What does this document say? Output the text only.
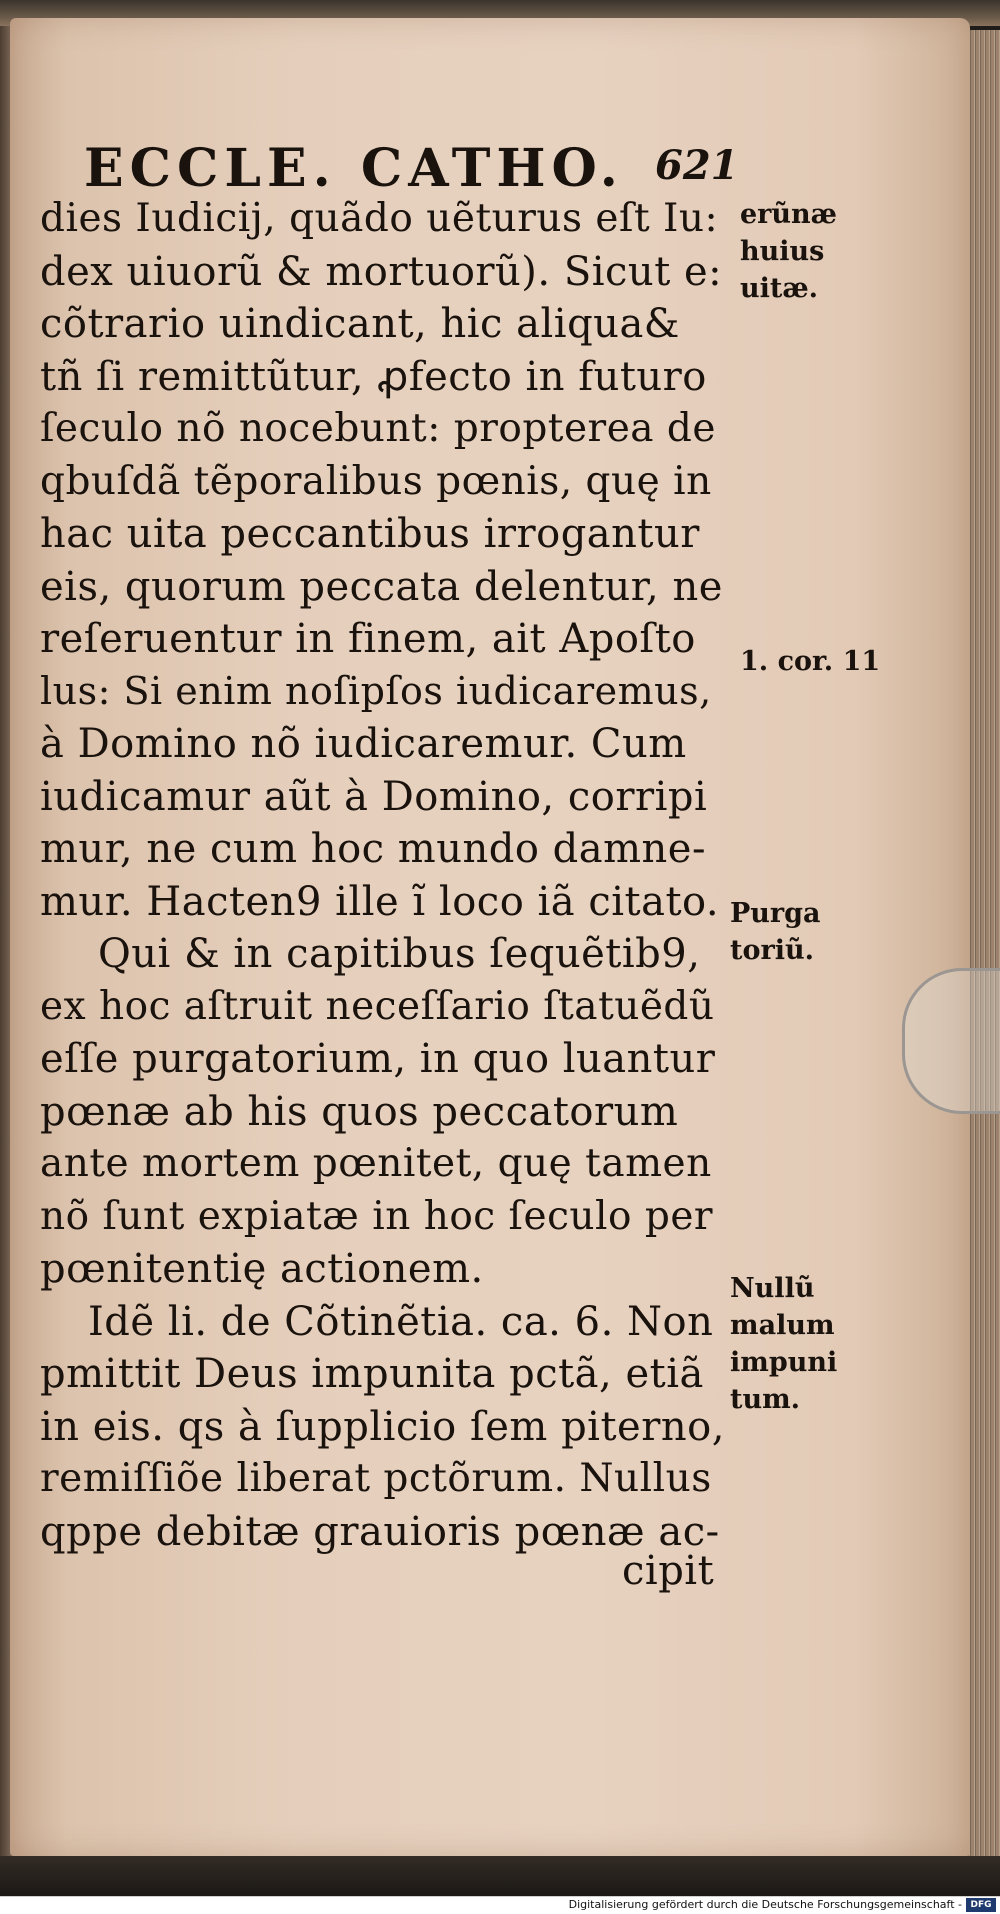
ECCLE. CATHO. 621
dies Iudicij, quãdo uẽturus eſt Iu:
dex uiuorũ & mortuorũ). Sicut e:
cõtrario uindicant, hic aliqua&
tñ ſi remittũtur, ꝓfecto in futuro
ſeculo nõ nocebunt: propterea de
qbuſdã tẽporalibus pœnis, quę in
hac uita peccantibus irrogantur
eis, quorum peccata delentur, ne
reſeruentur in finem, ait Apoſto
lus: Si enim noſipſos iudicaremus,
à Domino nõ iudicaremur. Cum
iudicamur aũt à Domino, corripi
mur, ne cum hoc mundo damne-
mur. Hacten9 ille ĩ loco iã citato.
Qui & in capitibus ſequẽtib9,
ex hoc aſtruit neceſſario ſtatuẽdũ
eſſe purgatorium, in quo luantur
pœnæ ab his quos peccatorum
ante mortem pœnitet, quę tamen
nõ ſunt expiatæ in hoc ſeculo per
pœnitentię actionem.
Idẽ li. de Cõtinẽtia. ca. 6. Non
pmittit Deus impunita pctã, etiã
in eis. qs à ſupplicio ſem piterno,
remiſſiõe liberat pctõrum. Nullus
qppe debitæ grauioris pœnæ ac-
erũnæ
huius
uitæ.
1. cor. 11
Purga
toriũ.
Nullũ
malum
impuni
tum.
cipit
Digitalisierung gefördert durch die Deutsche Forschungsgemeinschaft - DFG
